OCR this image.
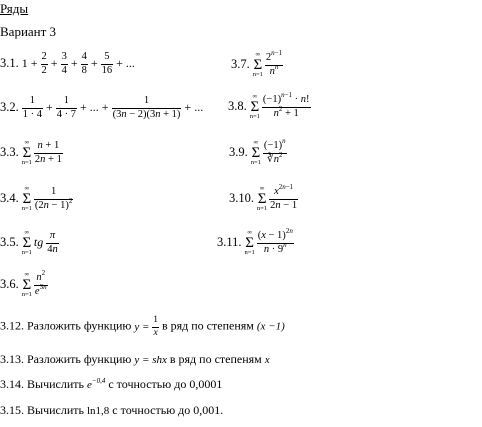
Ряды
Вариант 3
3.1. $1 + \frac{2}{2} + \frac{3}{4} + \frac{4}{8} + \frac{5}{16}$ + ...
3.2. $\frac{1}{1 \cdot 4} + \frac{1}{4 \cdot 7}$ + ... + $\frac{1}{(3n - 2)(3n + 1)}$ + ...
3.3.
∞
Σ
$n=1 \frac{n + 1}{2n + 1}$
3.4.
∞
Σ
$n=1 \frac{1}{(2n - 1)^2}$
3.5.
∞
Σ
n=1
tg $\frac{\pi}{4n}$
3.6.
∞
Σ
$n=1 \frac{n^2}{e^{3n}}$
3.7.
∞
Σ
$n=1 \frac{2^{n-1}}{n^n}$
3.8.
∞
Σ
$n=1 \frac{(-1)^{n-1} \cdot n!}{n^2 + 1}$
3.9.
∞
Σ
$n=1 \frac{(-1)^n}{∛n^2}$
3.10.
∞
Σ
$n=1 \frac{x^{2n-1}}{2n - 1}$
3.11.
∞
Σ
$n=1 \frac{(x - 1)^{2n}}{n \cdot 9^n}$
3.12. Разложить функцию $y = \frac{1}{x}$ в ряд по степеням (x −1)
3.13. Разложить функцию y = shx в ряд по степеням x
3.14. Вычислить $e^{-0,4}$ с точностью до 0,0001
3.15. Вычислить ln1,8 с точностью до 0,001.
